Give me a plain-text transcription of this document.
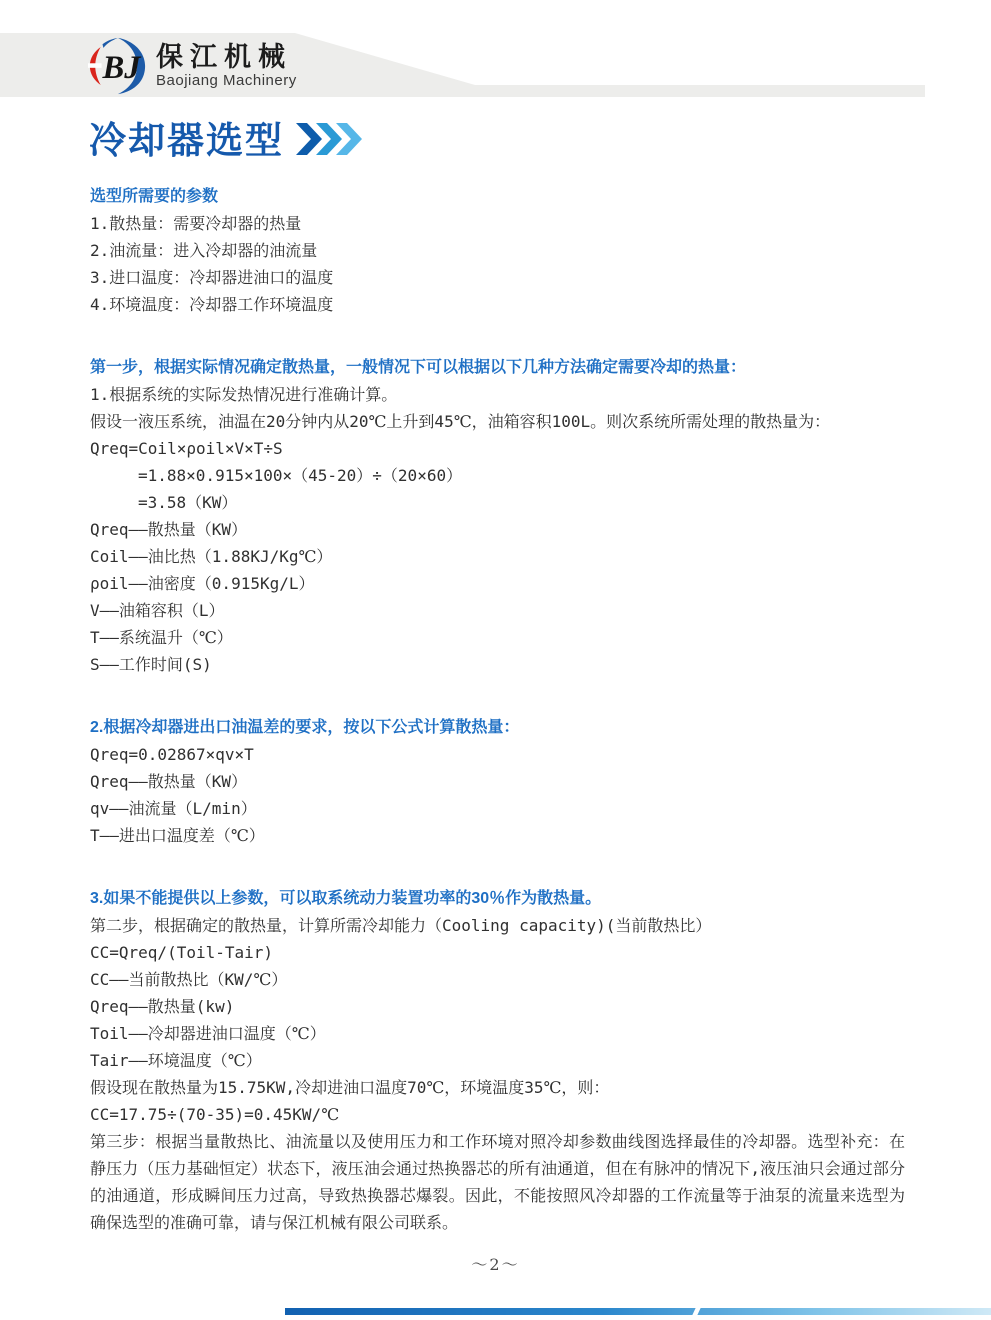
BJ 保江机械
Baojiang Machinery
冷却器选型
选型所需要的参数
1.散热量：需要冷却器的热量
2.油流量：进入冷却器的油流量
3.进口温度：冷却器进油口的温度
4.环境温度：冷却器工作环境温度
第一步，根据实际情况确定散热量，一般情况下可以根据以下几种方法确定需要冷却的热量：
1.根据系统的实际发热情况进行准确计算。
假设一液压系统，油温在20分钟内从20℃上升到45℃，油箱容积100L。则次系统所需处理的散热量为：
Qreq=Coil×ρoil×V×T÷S
=1.88×0.915×100×（45-20）÷（20×60）
=3.58（KW）
Qreq——散热量（KW）
Coil——油比热（1.88KJ/Kg℃）
ρoil——油密度（0.915Kg/L）
V——油箱容积（L）
T——系统温升（℃）
S——工作时间(S)
2.根据冷却器进出口油温差的要求，按以下公式计算散热量：
Qreq=0.02867×qv×T
Qreq——散热量（KW）
qv——油流量（L/min）
T——进出口温度差（℃）
3.如果不能提供以上参数，可以取系统动力装置功率的30％作为散热量。
第二步，根据确定的散热量，计算所需冷却能力（Cooling capacity)(当前散热比）
CC=Qreq/(Toil-Tair)
CC——当前散热比（KW/℃）
Qreq——散热量(kw)
Toil——冷却器进油口温度（℃）
Tair——环境温度（℃）
假设现在散热量为15.75KW,冷却进油口温度70℃，环境温度35℃，则：
CC=17.75÷(70-35)=0.45KW/℃
第三步：根据当量散热比、油流量以及使用压力和工作环境对照冷却参数曲线图选择最佳的冷却器。选型补充：在静压力（压力基础恒定）状态下，液压油会通过热换器芯的所有油通道，但在有脉冲的情况下,液压油只会通过部分的油通道，形成瞬间压力过高，导致热换器芯爆裂。因此，不能按照风冷却器的工作流量等于油泵的流量来选型为确保选型的准确可靠，请与保江机械有限公司联系。
～2～
